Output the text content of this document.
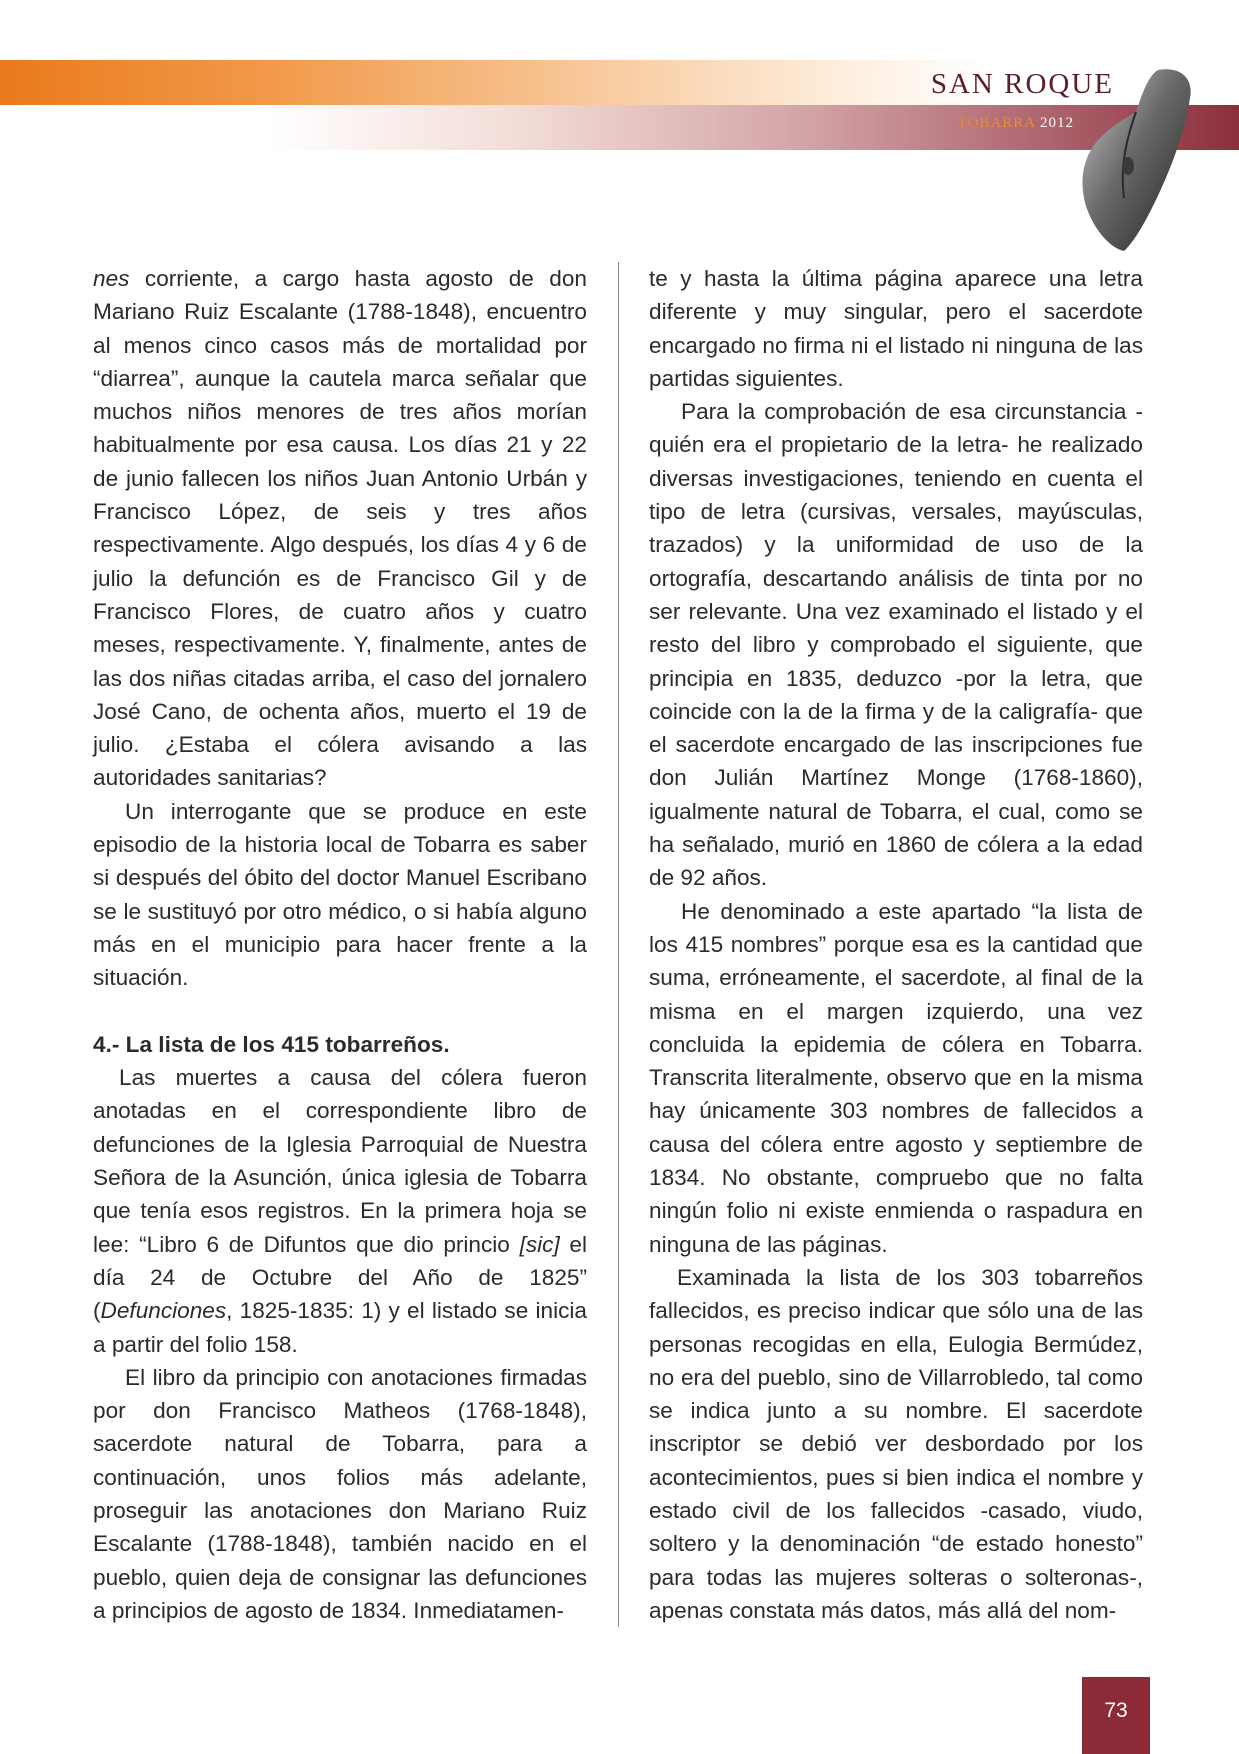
SAN ROQUE
TOBARRA 2012

nes corriente, a cargo hasta agosto de don Mariano Ruiz Escalante (1788-1848), encuentro al menos cinco casos más de mortalidad por “diarrea”, aunque la cautela marca señalar que muchos niños menores de tres años morían habitualmente por esa causa. Los días 21 y 22 de junio fallecen los niños Juan Antonio Urbán y Francisco López, de seis y tres años respectivamente. Algo después, los días 4 y 6 de julio la defunción es de Francisco Gil y de Francisco Flores, de cuatro años y cuatro meses, respectivamente. Y, finalmente, antes de las dos niñas citadas arriba, el caso del jornalero José Cano, de ochenta años, muerto el 19 de julio. ¿Estaba el cólera avisando a las autoridades sanitarias?

Un interrogante que se produce en este episodio de la historia local de Tobarra es saber si después del óbito del doctor Manuel Escribano se le sustituyó por otro médico, o si había alguno más en el municipio para hacer frente a la situación.

4.- La lista de los 415 tobarreños.

Las muertes a causa del cólera fueron anotadas en el correspondiente libro de defunciones de la Iglesia Parroquial de Nuestra Señora de la Asunción, única iglesia de Tobarra que tenía esos registros. En la primera hoja se lee: “Libro 6 de Difuntos que dio princio [sic] el día 24 de Octubre del Año de 1825” (Defunciones, 1825-1835: 1) y el listado se inicia a partir del folio 158.

El libro da principio con anotaciones firmadas por don Francisco Matheos (1768-1848), sacerdote natural de Tobarra, para a continuación, unos folios más adelante, proseguir las anotaciones don Mariano Ruiz Escalante (1788-1848), también nacido en el pueblo, quien deja de consignar las defunciones a principios de agosto de 1834. Inmediatamen-

te y hasta la última página aparece una letra diferente y muy singular, pero el sacerdote encargado no firma ni el listado ni ninguna de las partidas siguientes.

Para la comprobación de esa circunstancia -quién era el propietario de la letra- he realizado diversas investigaciones, teniendo en cuenta el tipo de letra (cursivas, versales, mayúsculas, trazados) y la uniformidad de uso de la ortografía, descartando análisis de tinta por no ser relevante. Una vez examinado el listado y el resto del libro y comprobado el siguiente, que principia en 1835, deduzco -por la letra, que coincide con la de la firma y de la caligrafía- que el sacerdote encargado de las inscripciones fue don Julián Martínez Monge (1768-1860), igualmente natural de Tobarra, el cual, como se ha señalado, murió en 1860 de cólera a la edad de 92 años.

He denominado a este apartado “la lista de los 415 nombres” porque esa es la cantidad que suma, erróneamente, el sacerdote, al final de la misma en el margen izquierdo, una vez concluida la epidemia de cólera en Tobarra. Transcrita literalmente, observo que en la misma hay únicamente 303 nombres de fallecidos a causa del cólera entre agosto y septiembre de 1834. No obstante, compruebo que no falta ningún folio ni existe enmienda o raspadura en ninguna de las páginas.

Examinada la lista de los 303 tobarreños fallecidos, es preciso indicar que sólo una de las personas recogidas en ella, Eulogia Bermúdez, no era del pueblo, sino de Villarrobledo, tal como se indica junto a su nombre. El sacerdote inscriptor se debió ver desbordado por los acontecimientos, pues si bien indica el nombre y estado civil de los fallecidos -casado, viudo, soltero y la denominación “de estado honesto” para todas las mujeres solteras o solteronas-, apenas constata más datos, más allá del nom-

73
